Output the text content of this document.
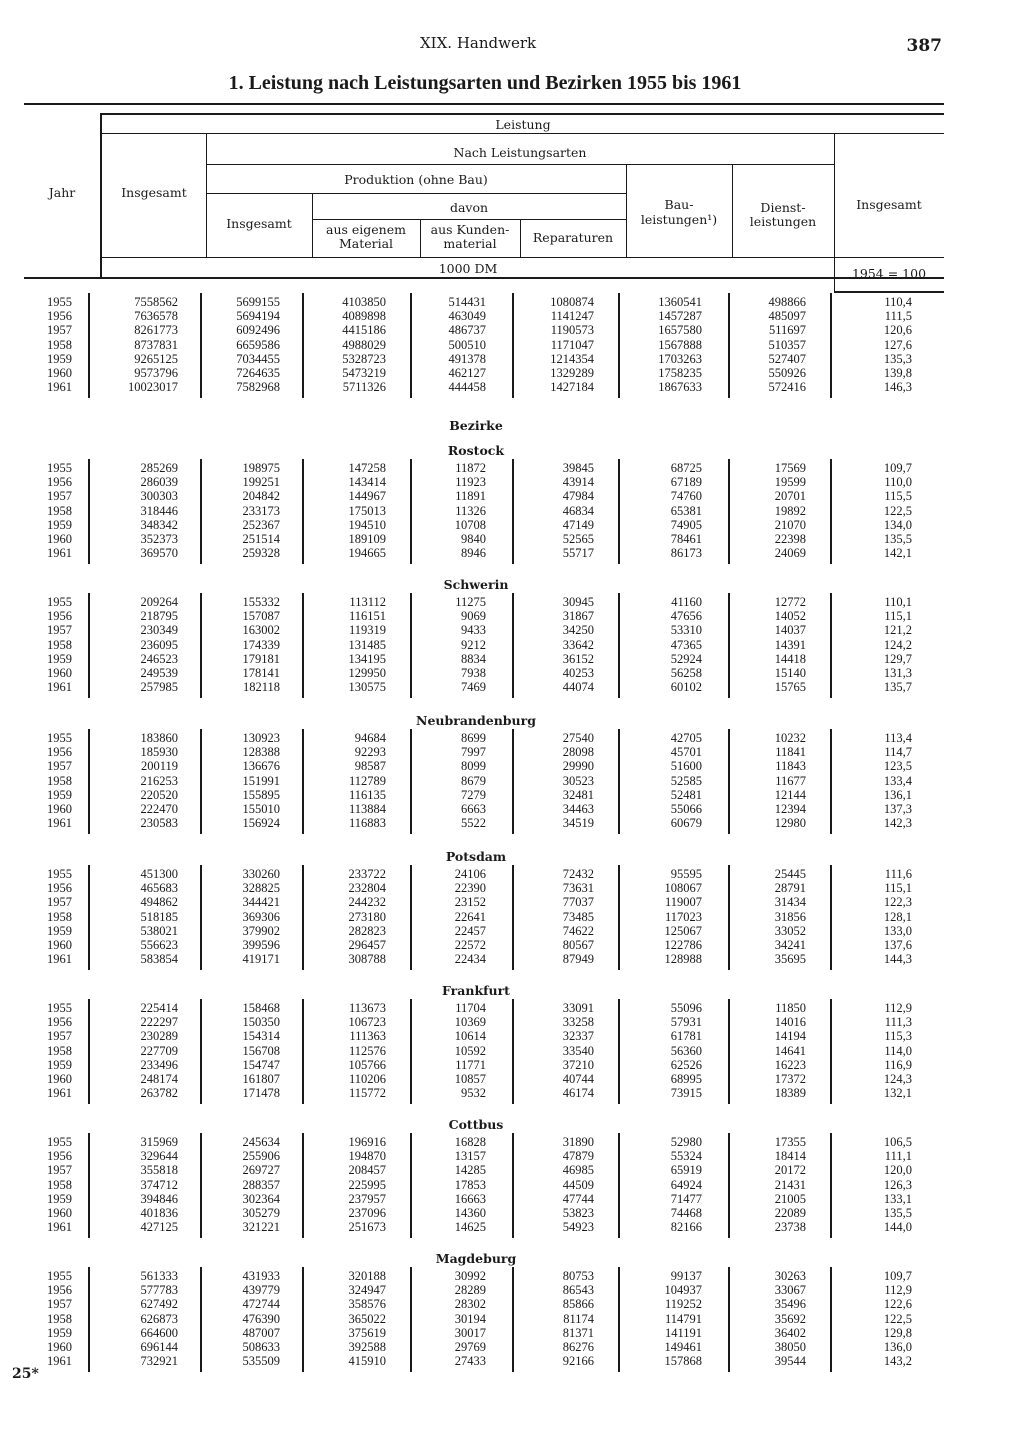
XIX. Handwerk	387
1. Leistung nach Leistungsarten und Bezirken 1955 bis 1961
Jahr	Insgesamt
Leistung
Nach Leistungsarten
Produktion (ohne Bau)
Insgesamt
davon
aus eigenem
Material
aus Kunden-
material	Reparaturen
Bau-
leistungen¹)
Dienst-
leistungen
Insgesamt
1000 DM	1954 = 100
1955	7558562	5699155	4103850	514431	1080874	1360541	498866	110,4
1956	7636578	5694194	4089898	463049	1141247	1457287	485097	111,5
1957	8261773	6092496	4415186	486737	1190573	1657580	511697	120,6
1958	8737831	6659586	4988029	500510	1171047	1567888	510357	127,6
1959	9265125	7034455	5328723	491378	1214354	1703263	527407	135,3
1960	9573796	7264635	5473219	462127	1329289	1758235	550926	139,8
1961	10023017	7582968	5711326	444458	1427184	1867633	572416	146,3
Rostock
1955	285269	198975	147258	11872	39845	68725	17569	109,7
1956	286039	199251	143414	11923	43914	67189	19599	110,0
1957	300303	204842	144967	11891	47984	74760	20701	115,5
1958	318446	233173	175013	11326	46834	65381	19892	122,5
1959	348342	252367	194510	10708	47149	74905	21070	134,0
1960	352373	251514	189109	9840	52565	78461	22398	135,5
1961	369570	259328	194665	8946	55717	86173	24069	142,1
Schwerin
1955	209264	155332	113112	11275	30945	41160	12772	110,1
1956	218795	157087	116151	9069	31867	47656	14052	115,1
1957	230349	163002	119319	9433	34250	53310	14037	121,2
1958	236095	174339	131485	9212	33642	47365	14391	124,2
1959	246523	179181	134195	8834	36152	52924	14418	129,7
1960	249539	178141	129950	7938	40253	56258	15140	131,3
1961	257985	182118	130575	7469	44074	60102	15765	135,7
Neubrandenburg
1955	183860	130923	94684	8699	27540	42705	10232	113,4
1956	185930	128388	92293	7997	28098	45701	11841	114,7
1957	200119	136676	98587	8099	29990	51600	11843	123,5
1958	216253	151991	112789	8679	30523	52585	11677	133,4
1959	220520	155895	116135	7279	32481	52481	12144	136,1
1960	222470	155010	113884	6663	34463	55066	12394	137,3
1961	230583	156924	116883	5522	34519	60679	12980	142,3
Potsdam
1955	451300	330260	233722	24106	72432	95595	25445	111,6
1956	465683	328825	232804	22390	73631	108067	28791	115,1
1957	494862	344421	244232	23152	77037	119007	31434	122,3
1958	518185	369306	273180	22641	73485	117023	31856	128,1
1959	538021	379902	282823	22457	74622	125067	33052	133,0
1960	556623	399596	296457	22572	80567	122786	34241	137,6
1961	583854	419171	308788	22434	87949	128988	35695	144,3
Frankfurt
1955	225414	158468	113673	11704	33091	55096	11850	112,9
1956	222297	150350	106723	10369	33258	57931	14016	111,3
1957	230289	154314	111363	10614	32337	61781	14194	115,3
1958	227709	156708	112576	10592	33540	56360	14641	114,0
1959	233496	154747	105766	11771	37210	62526	16223	116,9
1960	248174	161807	110206	10857	40744	68995	17372	124,3
1961	263782	171478	115772	9532	46174	73915	18389	132,1
Cottbus
1955	315969	245634	196916	16828	31890	52980	17355	106,5
1956	329644	255906	194870	13157	47879	55324	18414	111,1
1957	355818	269727	208457	14285	46985	65919	20172	120,0
1958	374712	288357	225995	17853	44509	64924	21431	126,3
1959	394846	302364	237957	16663	47744	71477	21005	133,1
1960	401836	305279	237096	14360	53823	74468	22089	135,5
1961	427125	321221	251673	14625	54923	82166	23738	144,0
Magdeburg
1955	561333	431933	320188	30992	80753	99137	30263	109,7
1956	577783	439779	324947	28289	86543	104937	33067	112,9
1957	627492	472744	358576	28302	85866	119252	35496	122,6
1958	626873	476390	365022	30194	81174	114791	35692	122,5
1959	664600	487007	375619	30017	81371	141191	36402	129,8
1960	696144	508633	392588	29769	86276	149461	38050	136,0
1961	732921	535509	415910	27433	92166	157868	39544	143,2
Bezirke
25*
